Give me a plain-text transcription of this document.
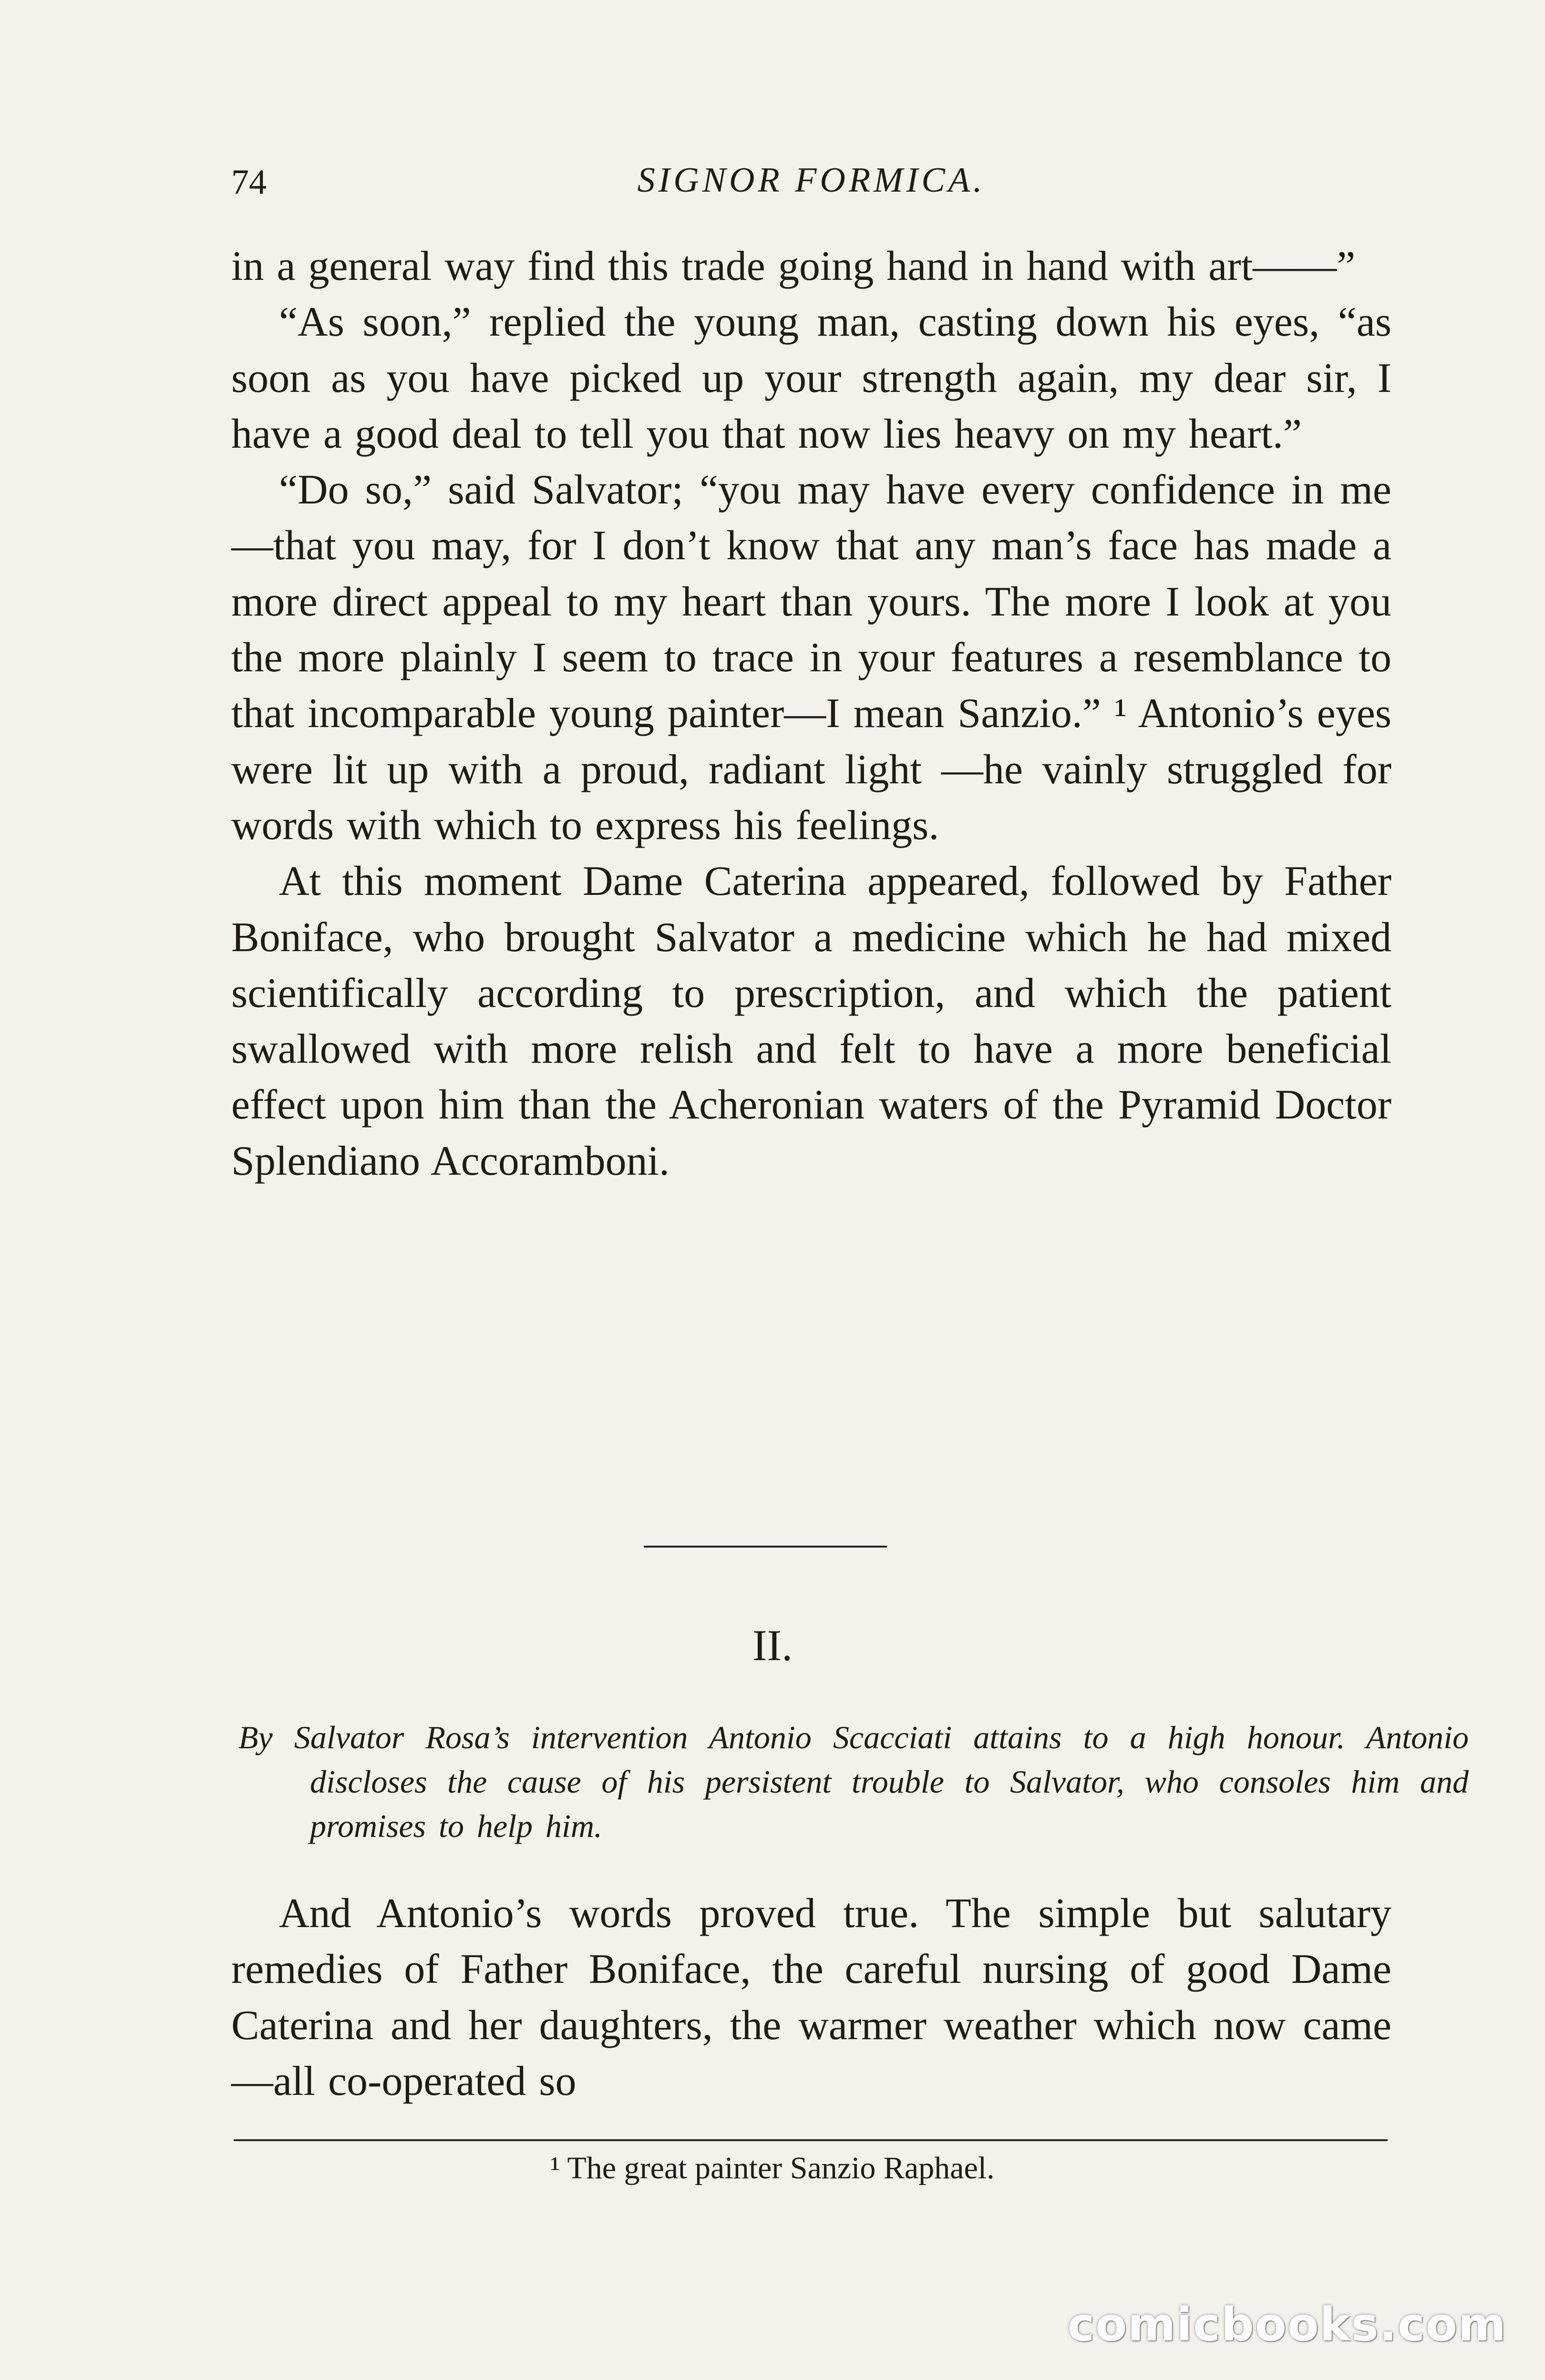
74	SIGNOR FORMICA.

in a general way find this trade going hand in hand with art——”

“As soon,” replied the young man, casting down his eyes, “as soon as you have picked up your strength again, my dear sir, I have a good deal to tell you that now lies heavy on my heart.”

“Do so,” said Salvator; “you may have every confidence in me—that you may, for I don’t know that any man’s face has made a more direct appeal to my heart than yours. The more I look at you the more plainly I seem to trace in your features a resemblance to that incomparable young painter—I mean Sanzio.” ¹ Antonio’s eyes were lit up with a proud, radiant light —he vainly struggled for words with which to express his feelings.

At this moment Dame Caterina appeared, followed by Father Boniface, who brought Salvator a medicine which he had mixed scientifically according to prescription, and which the patient swallowed with more relish and felt to have a more beneficial effect upon him than the Acheronian waters of the Pyramid Doctor Splendiano Accoramboni.

II.
By Salvator Rosa’s intervention Antonio Scacciati attains to a high honour. Antonio discloses the cause of his persistent trouble to Salvator, who consoles him and promises to help him.

And Antonio’s words proved true. The simple but salutary remedies of Father Boniface, the careful nursing of good Dame Caterina and her daughters, the warmer weather which now came—all co-operated so

¹ The great painter Sanzio Raphael.
comicbooks.com
